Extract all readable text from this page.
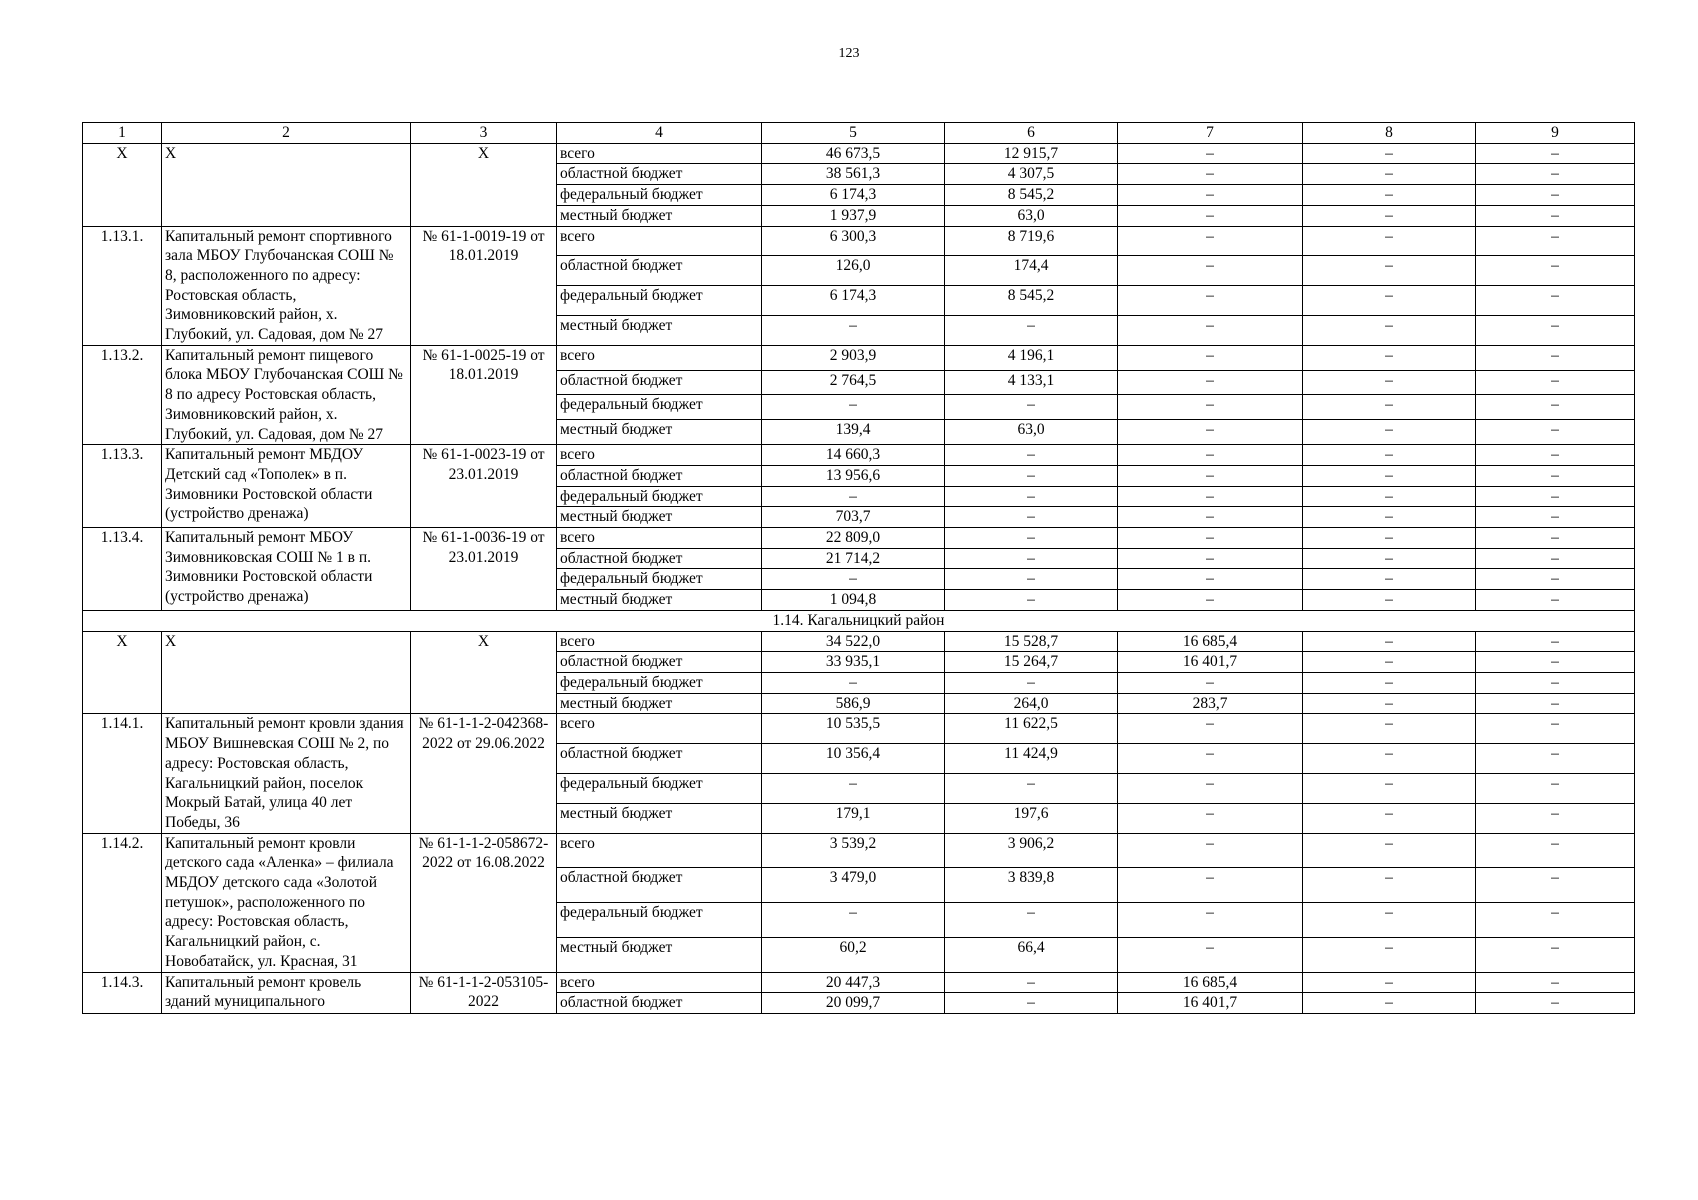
123
1	2	3	4	5	6	7	8	9
Х	Х	Х	всего	46 673,5	12 915,7	–	–	–
			областной бюджет	38 561,3	4 307,5	–	–	–
			федеральный бюджет	6 174,3	8 545,2	–	–	–
			местный бюджет	1 937,9	63,0	–	–	–
1.13.1.	Капитальный ремонт спортивного зала МБОУ Глубочанская СОШ № 8, расположенного по адресу: Ростовская область, Зимовниковский район, х. Глубокий, ул. Садовая, дом № 27	№ 61-1-0019-19 от 18.01.2019	всего	6 300,3	8 719,6	–	–	–
			областной бюджет	126,0	174,4	–	–	–
			федеральный бюджет	6 174,3	8 545,2	–	–	–
			местный бюджет	–	–	–	–	–
1.13.2.	Капитальный ремонт пищевого блока МБОУ Глубочанская СОШ № 8 по адресу Ростовская область, Зимовниковский район, х. Глубокий, ул. Садовая, дом № 27	№ 61-1-0025-19 от 18.01.2019	всего	2 903,9	4 196,1	–	–	–
			областной бюджет	2 764,5	4 133,1	–	–	–
			федеральный бюджет	–	–	–	–	–
			местный бюджет	139,4	63,0	–	–	–
1.13.3.	Капитальный ремонт МБДОУ Детский сад «Тополек» в п. Зимовники Ростовской области (устройство дренажа)	№ 61-1-0023-19 от 23.01.2019	всего	14 660,3	–	–	–	–
			областной бюджет	13 956,6	–	–	–	–
			федеральный бюджет	–	–	–	–	–
			местный бюджет	703,7	–	–	–	–
1.13.4.	Капитальный ремонт МБОУ Зимовниковская СОШ № 1 в п. Зимовники Ростовской области (устройство дренажа)	№ 61-1-0036-19 от 23.01.2019	всего	22 809,0	–	–	–	–
			областной бюджет	21 714,2	–	–	–	–
			федеральный бюджет	–	–	–	–	–
			местный бюджет	1 094,8	–	–	–	–
1.14. Кагальницкий район								
Х	Х	Х	всего	34 522,0	15 528,7	16 685,4	–	–
			областной бюджет	33 935,1	15 264,7	16 401,7	–	–
			федеральный бюджет	–	–	–	–	–
			местный бюджет	586,9	264,0	283,7	–	–
1.14.1.	Капитальный ремонт кровли здания МБОУ Вишневская СОШ № 2, по адресу: Ростовская область, Кагальницкий район, поселок Мокрый Батай, улица 40 лет Победы, 36	№ 61-1-1-2-042368-2022 от 29.06.2022	всего	10 535,5	11 622,5	–	–	–
			областной бюджет	10 356,4	11 424,9	–	–	–
			федеральный бюджет	–	–	–	–	–
			местный бюджет	179,1	197,6	–	–	–
1.14.2.	Капитальный ремонт кровли детского сада «Аленка» – филиала МБДОУ детского сада «Золотой петушок», расположенного по адресу: Ростовская область, Кагальницкий район, с. Новобатайск, ул. Красная, 31	№ 61-1-1-2-058672-2022 от 16.08.2022	всего	3 539,2	3 906,2	–	–	–
			областной бюджет	3 479,0	3 839,8	–	–	–
			федеральный бюджет	–	–	–	–	–
			местный бюджет	60,2	66,4	–	–	–
1.14.3.	Капитальный ремонт кровель зданий муниципального	№ 61-1-1-2-053105-2022	всего	20 447,3	–	16 685,4	–	–
			областной бюджет	20 099,7	–	16 401,7	–	–
